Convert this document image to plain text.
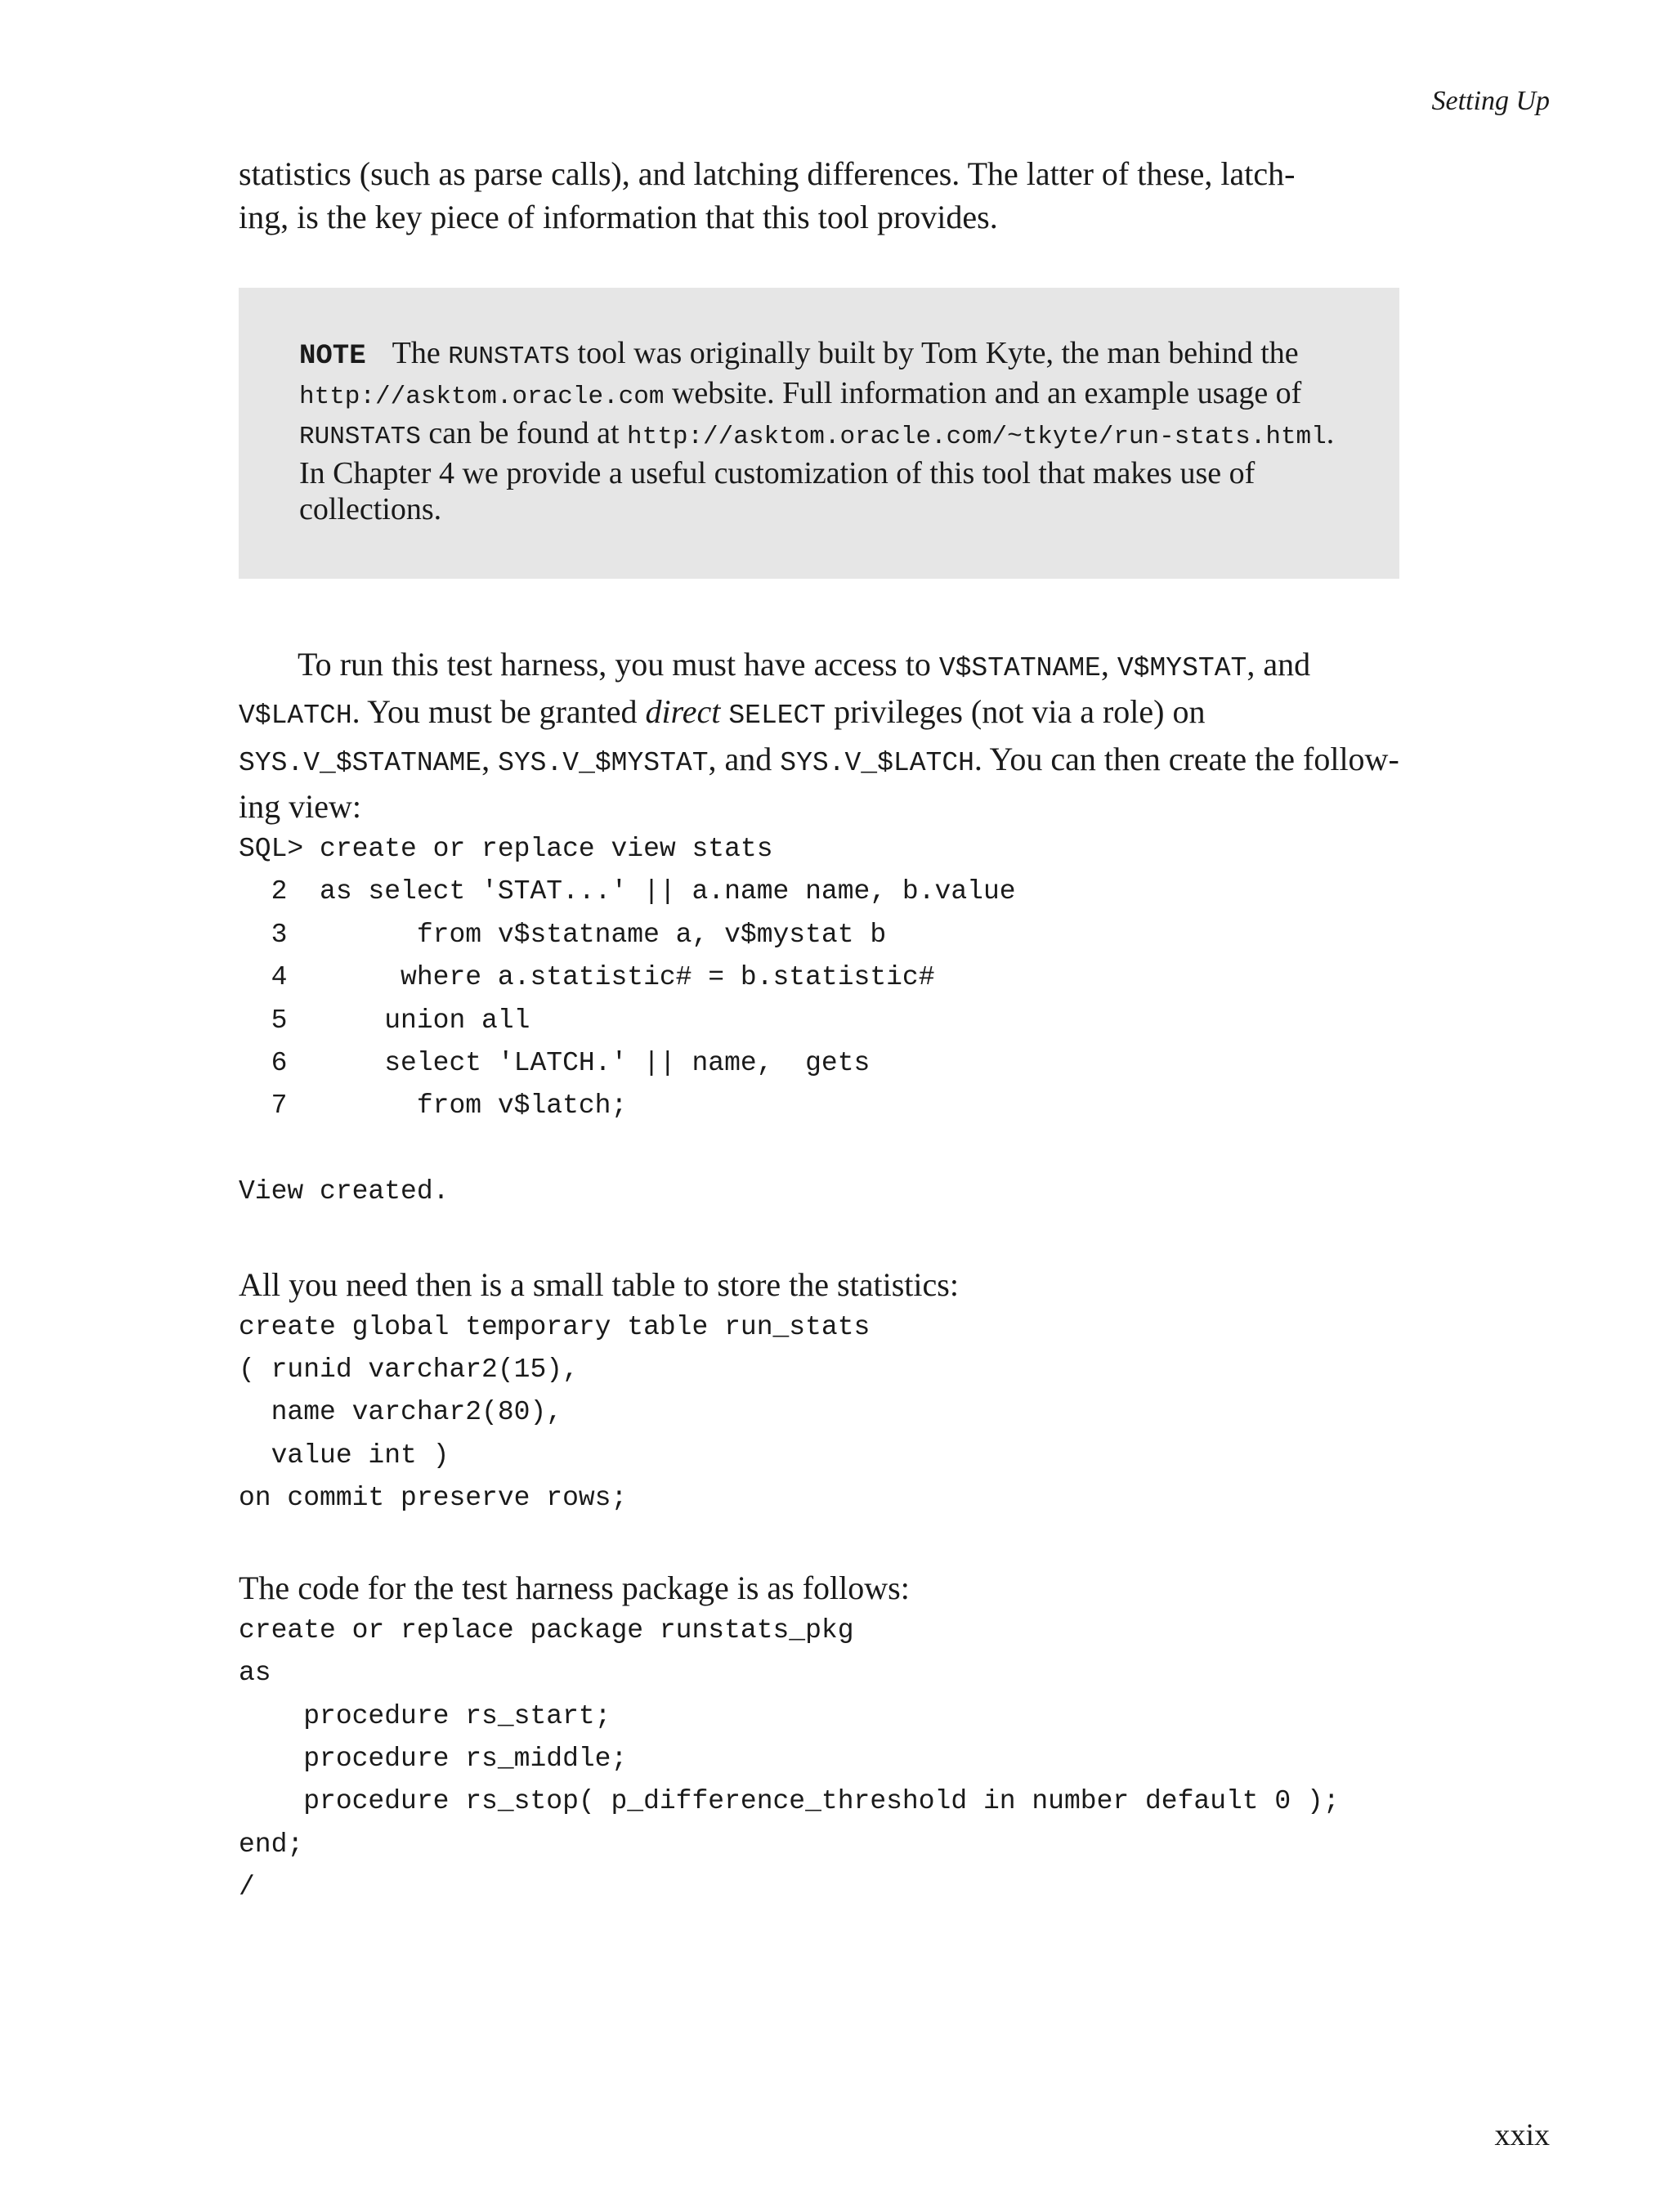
Setting Up

statistics (such as parse calls), and latching differences. The latter of these, latch-
ing, is the key piece of information that this tool provides.

NOTE The RUNSTATS tool was originally built by Tom Kyte, the man behind the http://asktom.oracle.com website. Full information and an example usage of RUNSTATS can be found at http://asktom.oracle.com/~tkyte/run-stats.html. In Chapter 4 we provide a useful customization of this tool that makes use of collections.

To run this test harness, you must have access to V$STATNAME, V$MYSTAT, and V$LATCH. You must be granted direct SELECT privileges (not via a role) on SYS.V_$STATNAME, SYS.V_$MYSTAT, and SYS.V_$LATCH. You can then create the follow-ing view:

SQL> create or replace view stats
2  as select 'STAT...' || a.name name, b.value
3        from v$statname a, v$mystat b
4       where a.statistic# = b.statistic#
5      union all
6      select 'LATCH.' || name,  gets
7        from v$latch;

View created.

All you need then is a small table to store the statistics:

create global temporary table run_stats
( runid varchar2(15),
name varchar2(80),
value int )
on commit preserve rows;

The code for the test harness package is as follows:

create or replace package runstats_pkg
as
procedure rs_start;
procedure rs_middle;
procedure rs_stop( p_difference_threshold in number default 0 );
end;
/
xxix
